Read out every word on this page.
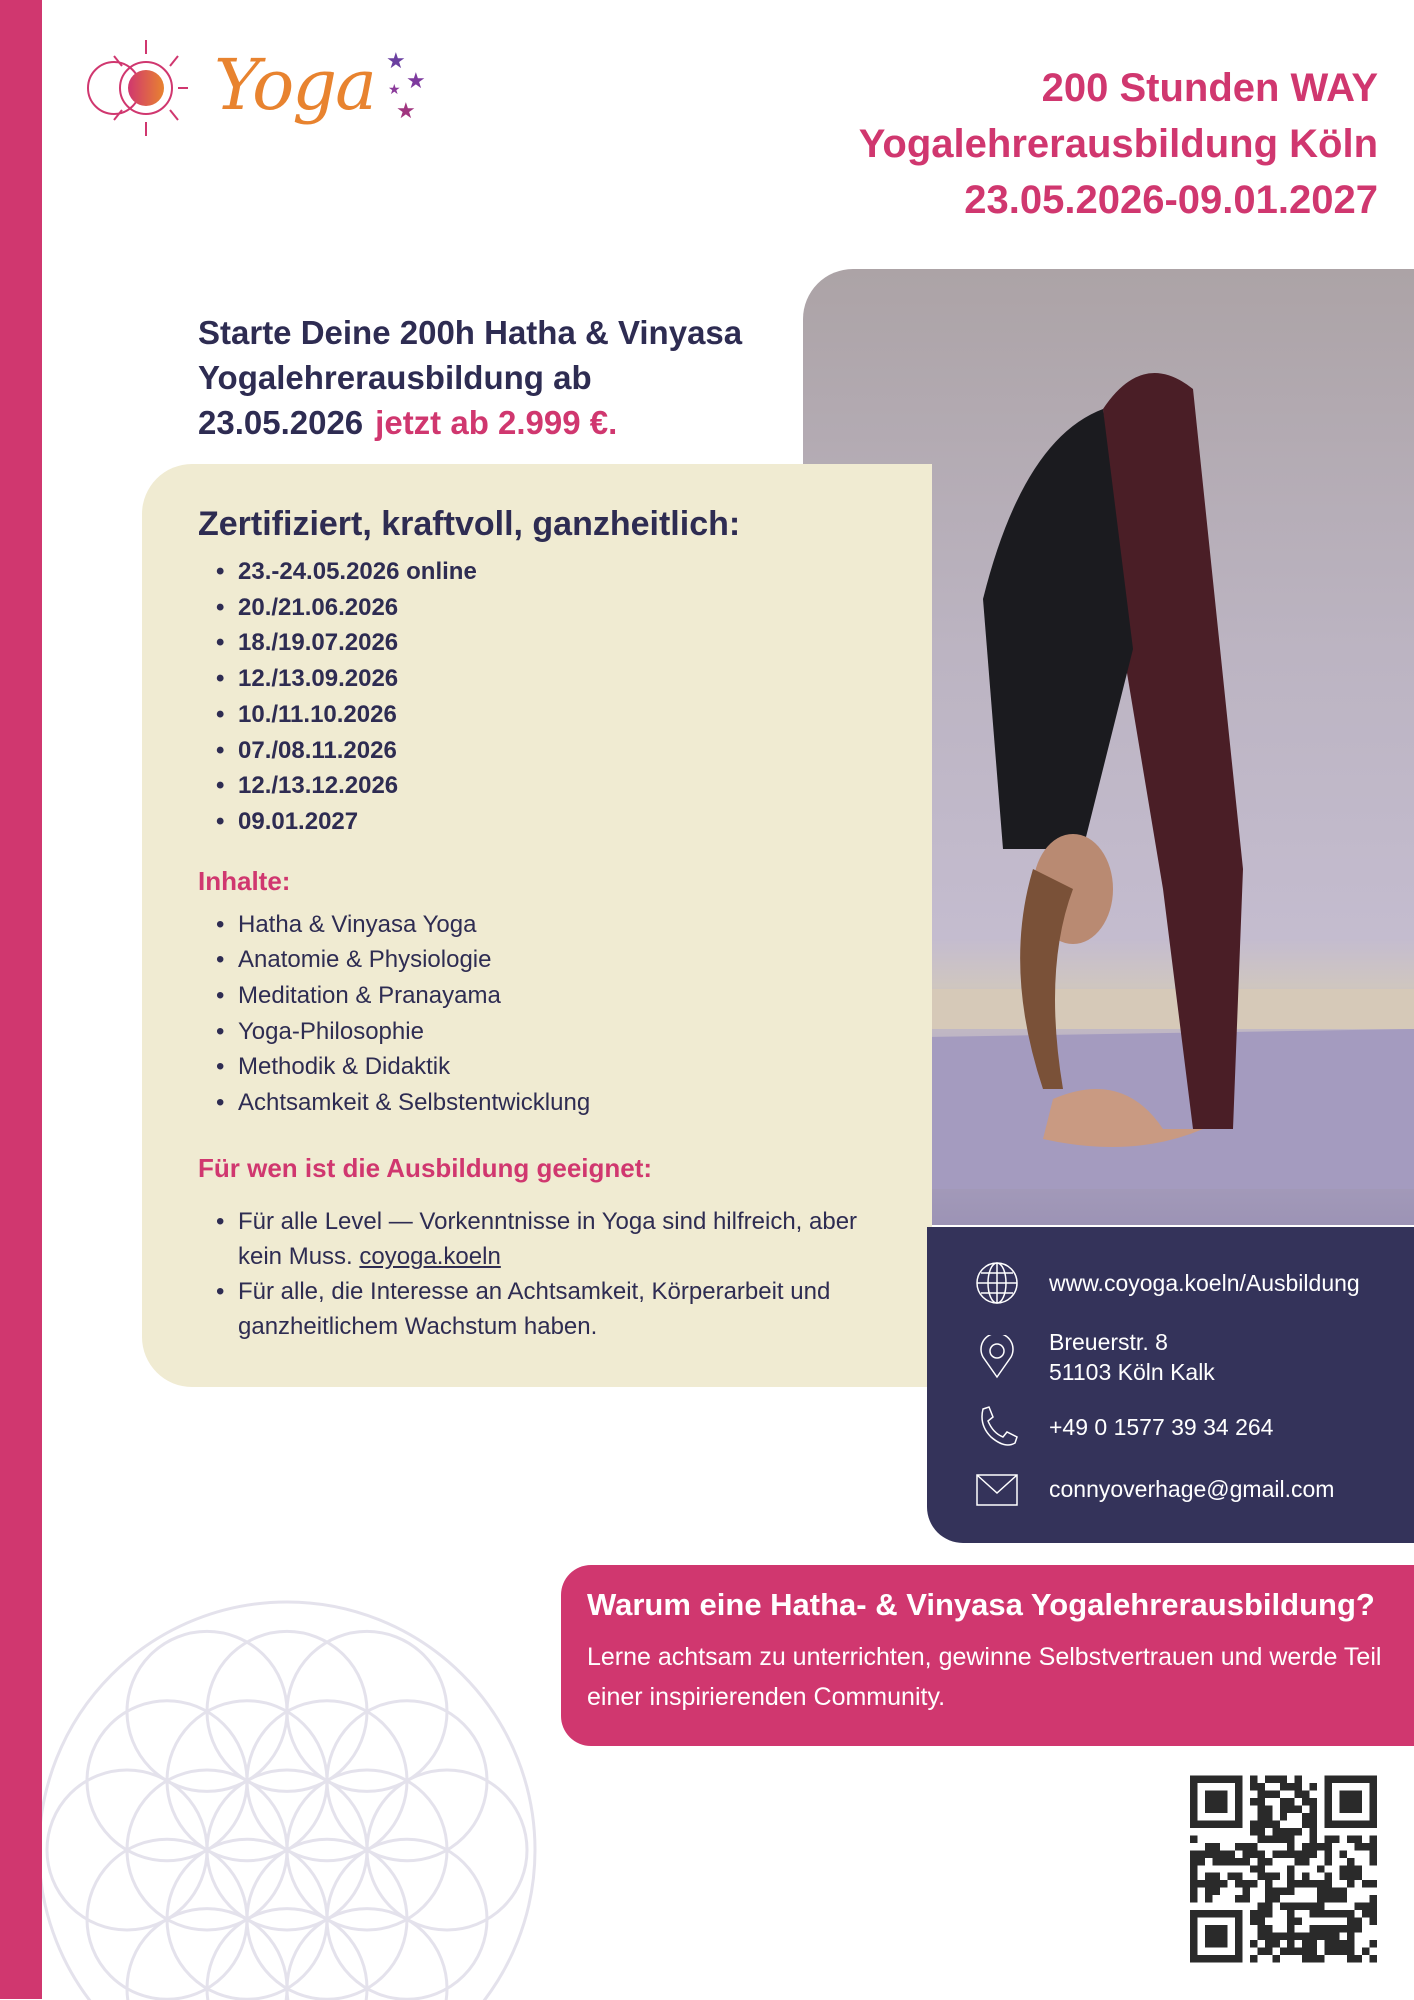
Yoga ★
★
★
★
200 Stunden WAY
Yogalehrerausbildung Köln
23.05.2026-09.01.2027
Starte Deine 200h Hatha & Vinyasa
Yogalehrerausbildung ab
23.05.2026 jetzt ab 2.999 €.
Zertifiziert, kraftvoll, ganzheitlich:
• 23.-24.05.2026 online
• 20./21.06.2026
• 18./19.07.2026
• 12./13.09.2026
• 10./11.10.2026
• 07./08.11.2026
• 12./13.12.2026
• 09.01.2027
Inhalte:
• Hatha & Vinyasa Yoga
• Anatomie & Physiologie
• Meditation & Pranayama
• Yoga-Philosophie
• Methodik & Didaktik
• Achtsamkeit & Selbstentwicklung
Für wen ist die Ausbildung geeignet:
• Für alle Level — Vorkenntnisse in Yoga sind hilfreich, aber kein Muss. coyoga.koeln
• Für alle, die Interesse an Achtsamkeit, Körperarbeit und ganzheitlichem Wachstum haben.
www.coyoga.koeln/Ausbildung
Breuerstr. 8
51103 Köln Kalk
+49 0 1577 39 34 264
connyoverhage@gmail.com
Warum eine Hatha- & Vinyasa Yogalehrerausbildung?

Lerne achtsam zu unterrichten, gewinne Selbstvertrauen und werde Teil einer inspirierenden Community.
